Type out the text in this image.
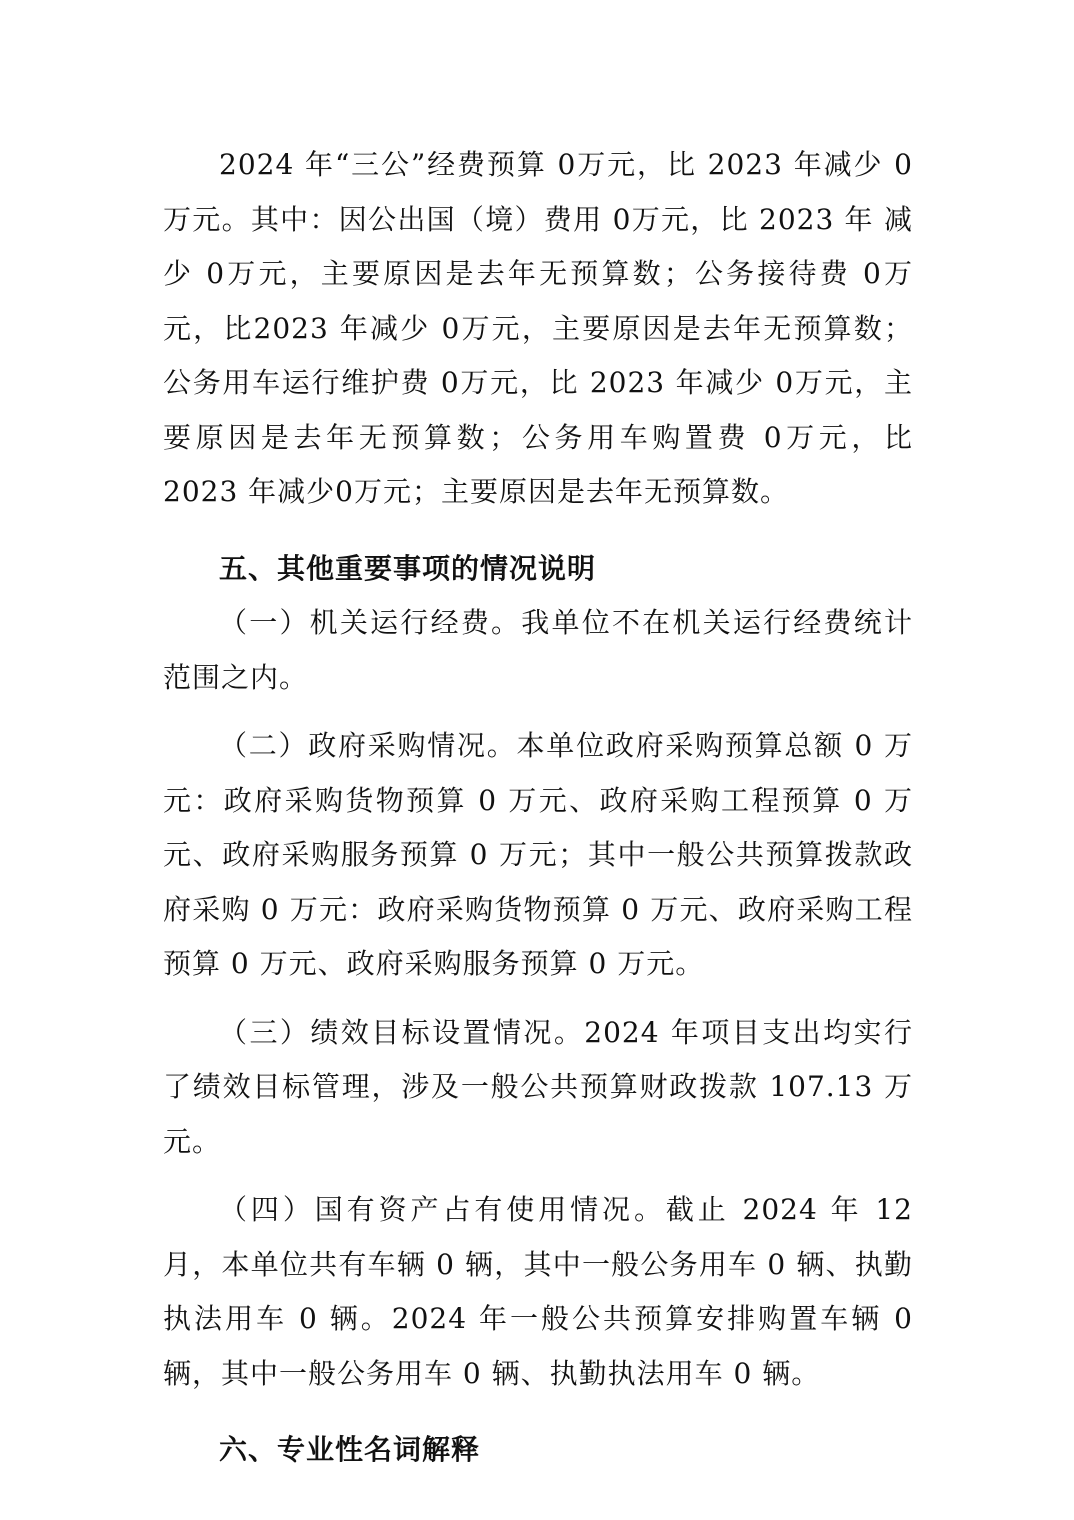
2024 年“三公”经费预算 0万元，比 2023 年减少 0万元。其中：因公出国（境）费用 0万元，比 2023 年 减少 0万元，主要原因是去年无预算数；公务接待费 0万元，比2023 年减少 0万元，主要原因是去年无预算数；公务用车运行维护费 0万元，比 2023 年减少 0万元，主要原因是去年无预算数；公务用车购置费 0万元，比 2023 年减少0万元；主要原因是去年无预算数。

五、其他重要事项的情况说明

（一）机关运行经费。我单位不在机关运行经费统计范围之内。

（二）政府采购情况。本单位政府采购预算总额 0 万元：政府采购货物预算 0 万元、政府采购工程预算 0 万元、政府采购服务预算 0 万元；其中一般公共预算拨款政府采购 0 万元：政府采购货物预算 0 万元、政府采购工程预算 0 万元、政府采购服务预算 0 万元。

（三）绩效目标设置情况。2024 年项目支出均实行了绩效目标管理，涉及一般公共预算财政拨款 107.13 万元。

（四）国有资产占有使用情况。截止 2024 年 12 月，本单位共有车辆 0 辆，其中一般公务用车 0 辆、执勤执法用车 0 辆。2024 年一般公共预算安排购置车辆 0 辆，其中一般公务用车 0 辆、执勤执法用车 0 辆。

六、专业性名词解释
